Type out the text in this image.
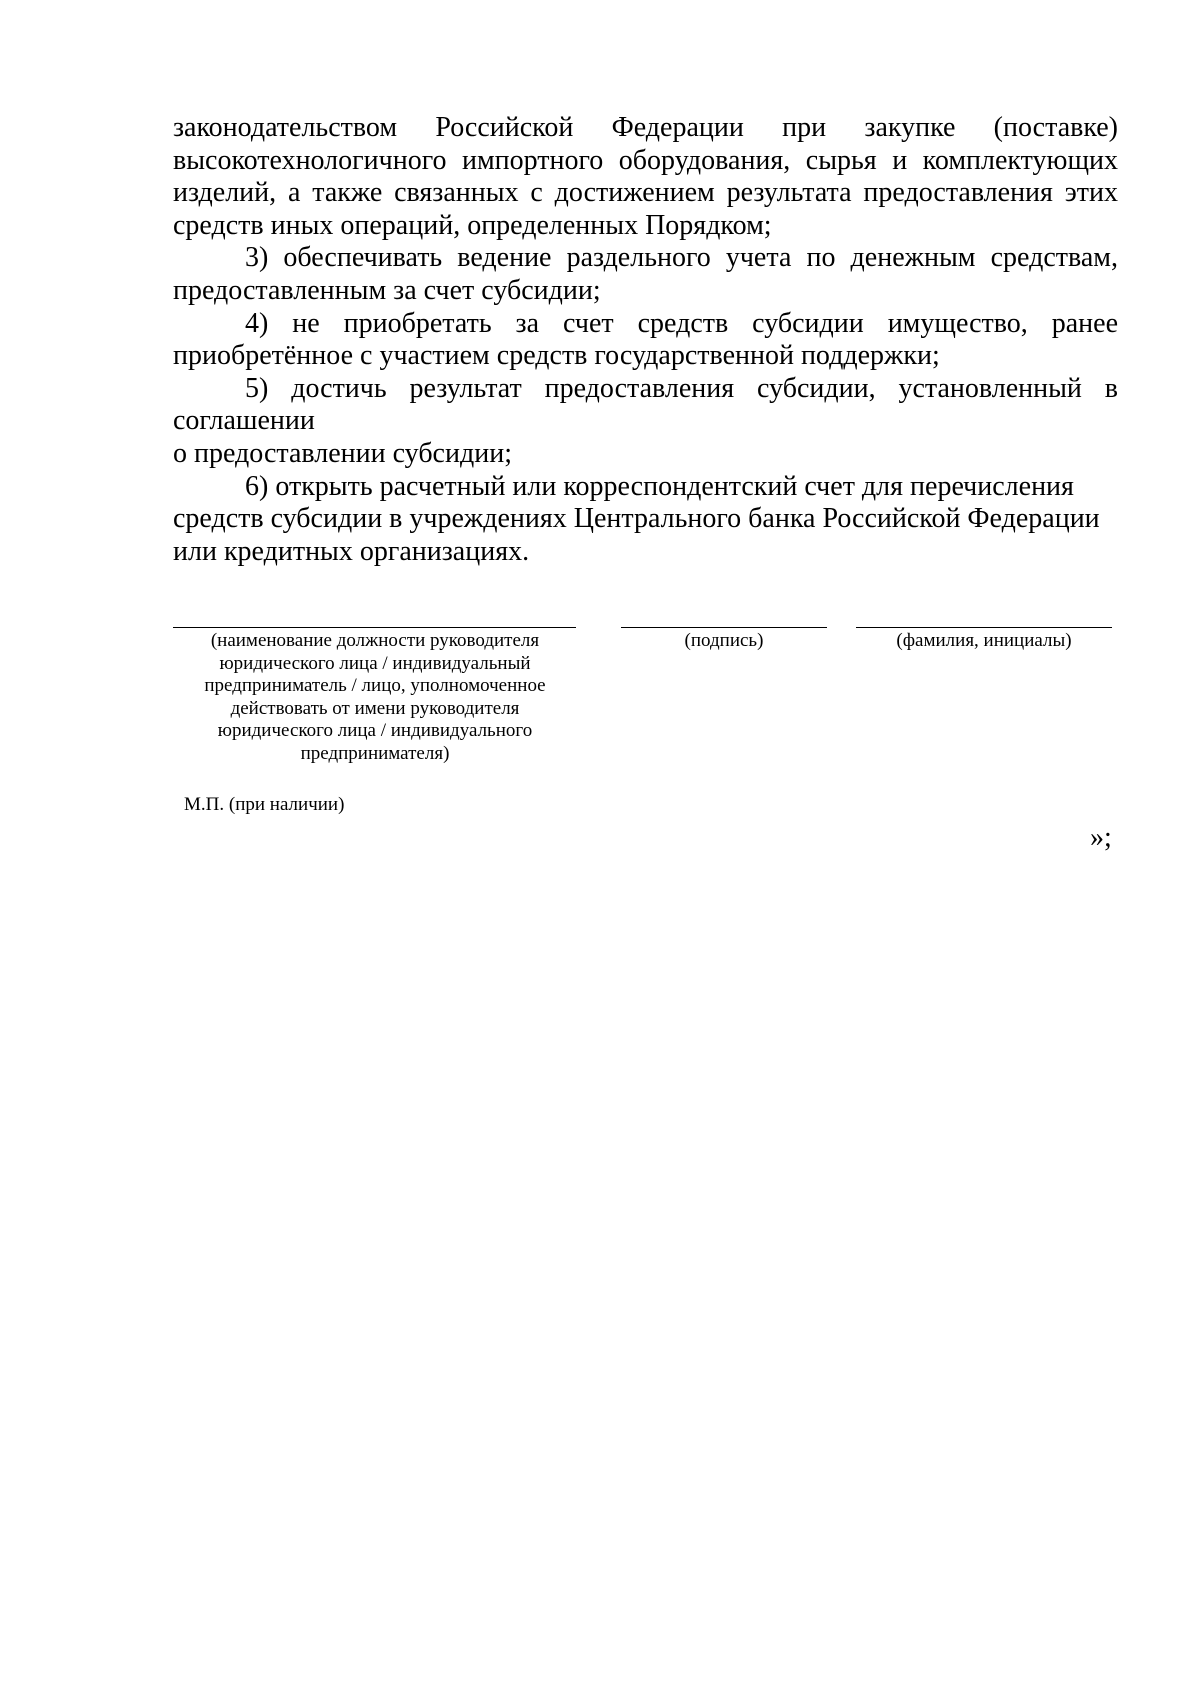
законодательством Российской Федерации при закупке (поставке)

высокотехнологичного импортного оборудования, сырья и комплектующих изделий, а также связанных с достижением результата предоставления этих средств иных операций, определенных Порядком;

3) обеспечивать ведение раздельного учета по денежным средствам, предоставленным за счет субсидии;

4) не приобретать за счет средств субсидии имущество, ранее приобретённое с участием средств государственной поддержки;

5) достичь результат предоставления субсидии, установленный в

соглашении

о предоставлении субсидии;

6) открыть расчетный или корреспондентский счет для перечисления средств субсидии в учреждениях Центрального банка Российской Федерации или кредитных организациях.

(наименование должности руководителя юридического лица / индивидуальный предприниматель / лицо, уполномоченное действовать от имени руководителя юридического лица / индивидуального предпринимателя)
(подпись)	(фамилия, инициалы)
М.П. (при наличии)
»;
